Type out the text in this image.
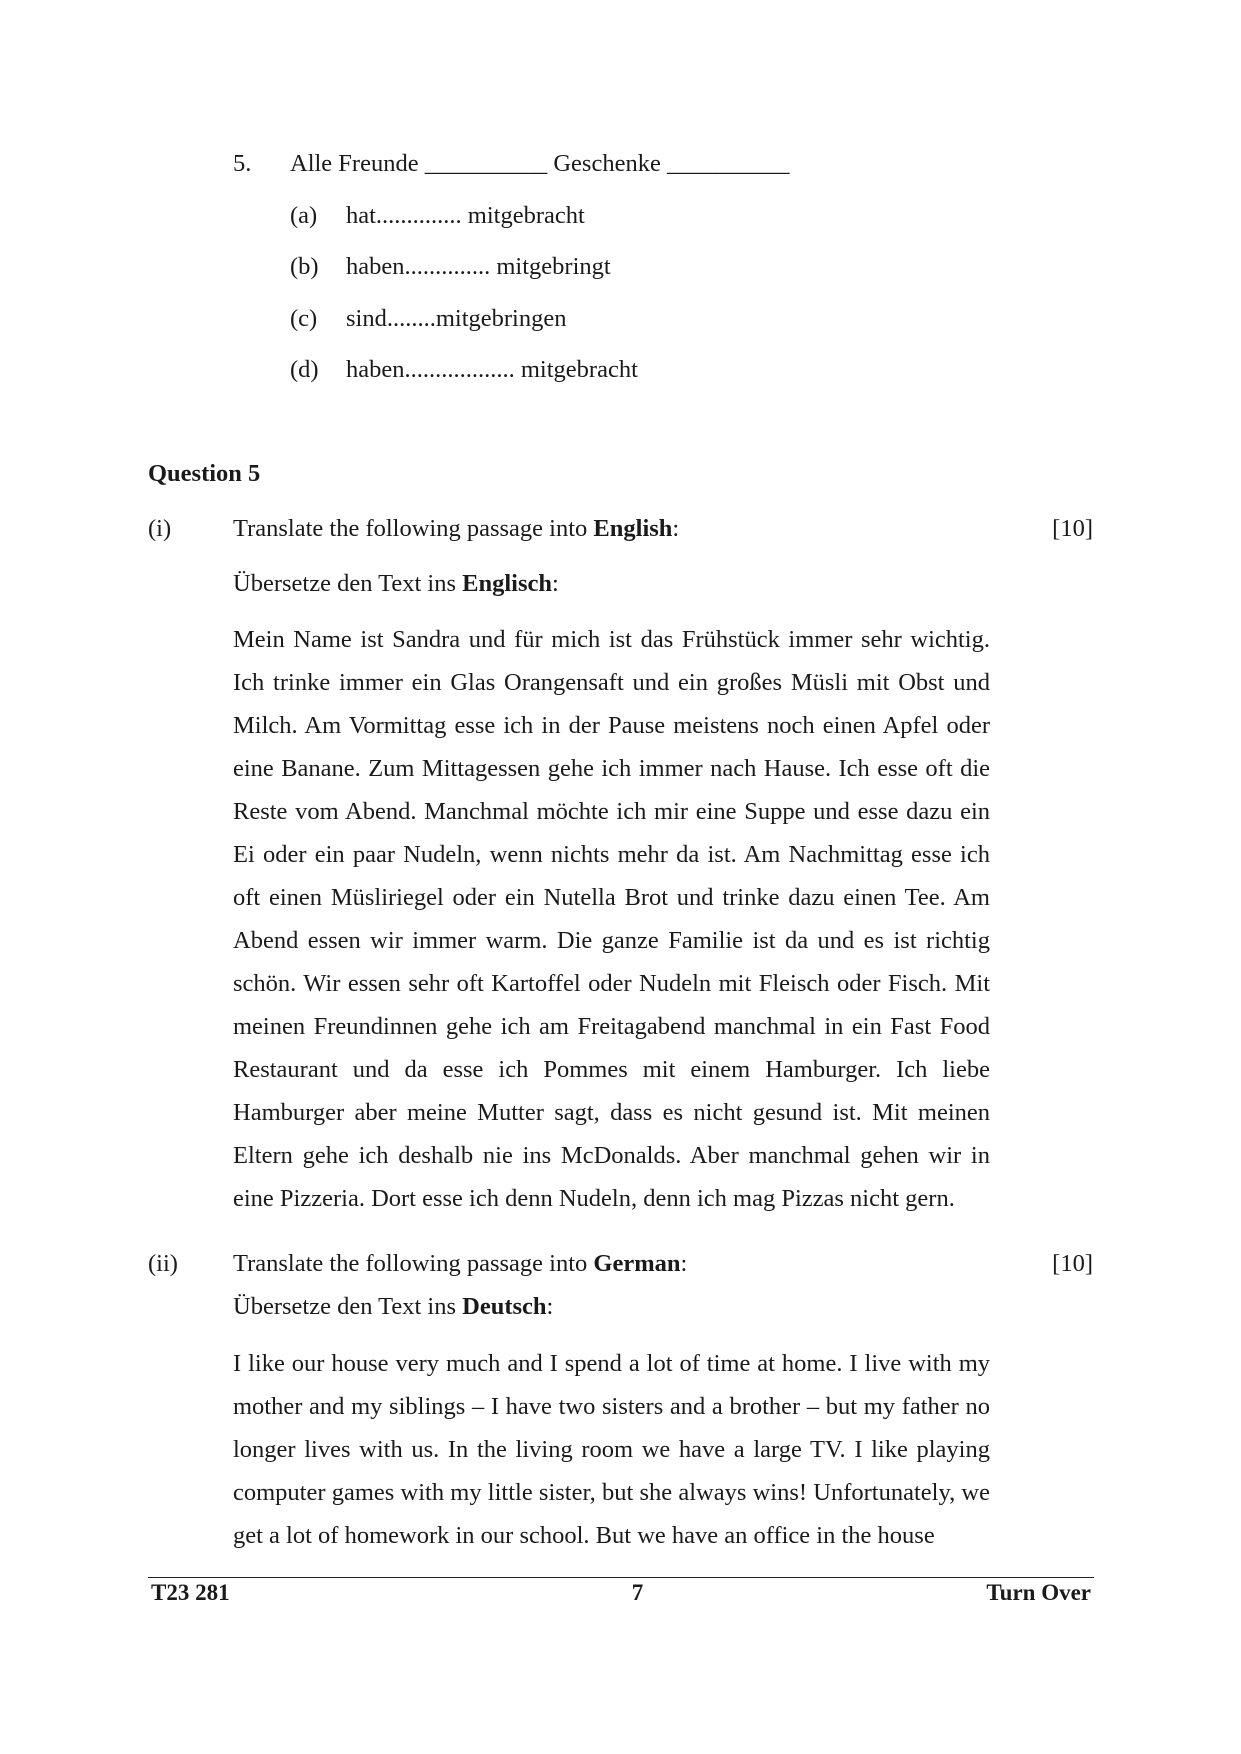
5. Alle Freunde __________ Geschenke __________
(a) hat.............. mitgebracht
(b) haben.............. mitgebringt
(c) sind........mitgebringen
(d) haben.................. mitgebracht
Question 5
(i)	Translate the following passage into English:	[10]
Übersetze den Text ins Englisch:

Mein Name ist Sandra und für mich ist das Frühstück immer sehr wichtig. Ich trinke immer ein Glas Orangensaft und ein großes Müsli mit Obst und Milch. Am Vormittag esse ich in der Pause meistens noch einen Apfel oder eine Banane. Zum Mittagessen gehe ich immer nach Hause. Ich esse oft die Reste vom Abend. Manchmal möchte ich mir eine Suppe und esse dazu ein Ei oder ein paar Nudeln, wenn nichts mehr da ist. Am Nachmittag esse ich oft einen Müsliriegel oder ein Nutella Brot und trinke dazu einen Tee. Am Abend essen wir immer warm. Die ganze Familie ist da und es ist richtig schön. Wir essen sehr oft Kartoffel oder Nudeln mit Fleisch oder Fisch. Mit meinen Freundinnen gehe ich am Freitagabend manchmal in ein Fast Food Restaurant und da esse ich Pommes mit einem Hamburger. Ich liebe Hamburger aber meine Mutter sagt, dass es nicht gesund ist. Mit meinen Eltern gehe ich deshalb nie ins McDonalds. Aber manchmal gehen wir in eine Pizzeria. Dort esse ich denn Nudeln, denn ich mag Pizzas nicht gern.

(ii) Translate the following passage into German:	[10]
Übersetze den Text ins Deutsch:

I like our house very much and I spend a lot of time at home. I live with my mother and my siblings – I have two sisters and a brother – but my father no longer lives with us. In the living room we have a large TV. I like playing computer games with my little sister, but she always wins! Unfortunately, we get a lot of homework in our school. But we have an office in the house

T23 281	7	Turn Over
